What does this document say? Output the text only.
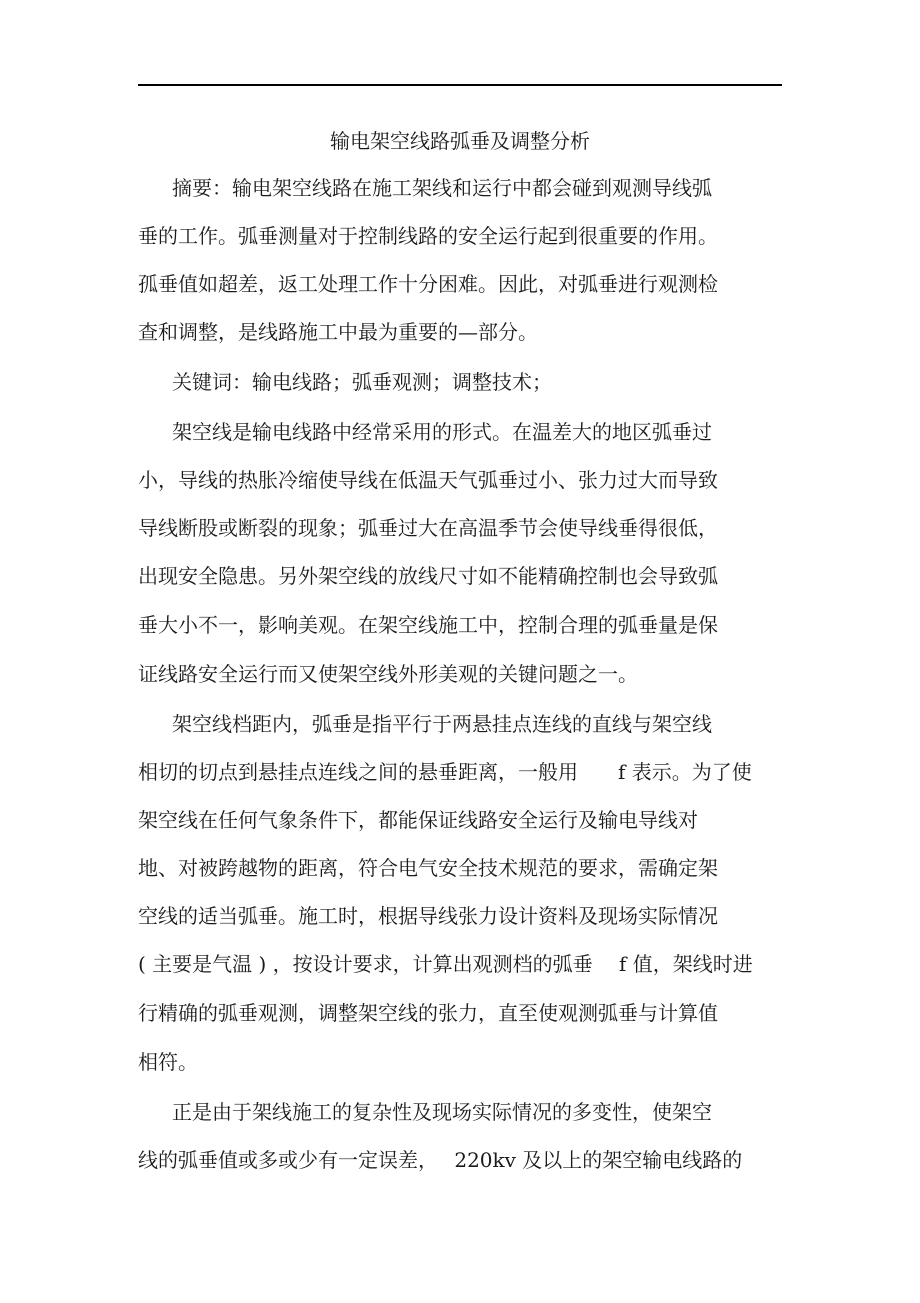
输电架空线路弧垂及调整分析

摘要：输电架空线路在施工架线和运行中都会碰到观测导线弧

垂的工作。弧垂测量对于控制线路的安全运行起到很重要的作用。

孤垂值如超差，返工处理工作十分困难。因此，对弧垂进行观测检

查和调整，是线路施工中最为重要的—部分。

关键词：输电线路；弧垂观测；调整技术；

架空线是输电线路中经常采用的形式。在温差大的地区弧垂过

小，导线的热胀冷缩使导线在低温天气弧垂过小、张力过大而导致

导线断股或断裂的现象；弧垂过大在高温季节会使导线垂得很低，

出现安全隐患。另外架空线的放线尺寸如不能精确控制也会导致弧

垂大小不一，影响美观。在架空线施工中，控制合理的弧垂量是保

证线路安全运行而又使架空线外形美观的关键问题之一。

架空线档距内，弧垂是指平行于两悬挂点连线的直线与架空线

相切的切点到悬挂点连线之间的悬垂距离，一般用　　f 表示。为了使

架空线在任何气象条件下，都能保证线路安全运行及输电导线对

地、对被跨越物的距离，符合电气安全技术规范的要求，需确定架

空线的适当弧垂。施工时，根据导线张力设计资料及现场实际情况

( 主要是气温 ) ，按设计要求，计算出观测档的弧垂　 f 值，架线时进

行精确的弧垂观测，调整架空线的张力，直至使观测弧垂与计算值

相符。

正是由于架线施工的复杂性及现场实际情况的多变性，使架空

线的弧垂值或多或少有一定误差，　 220kv 及以上的架空输电线路的
